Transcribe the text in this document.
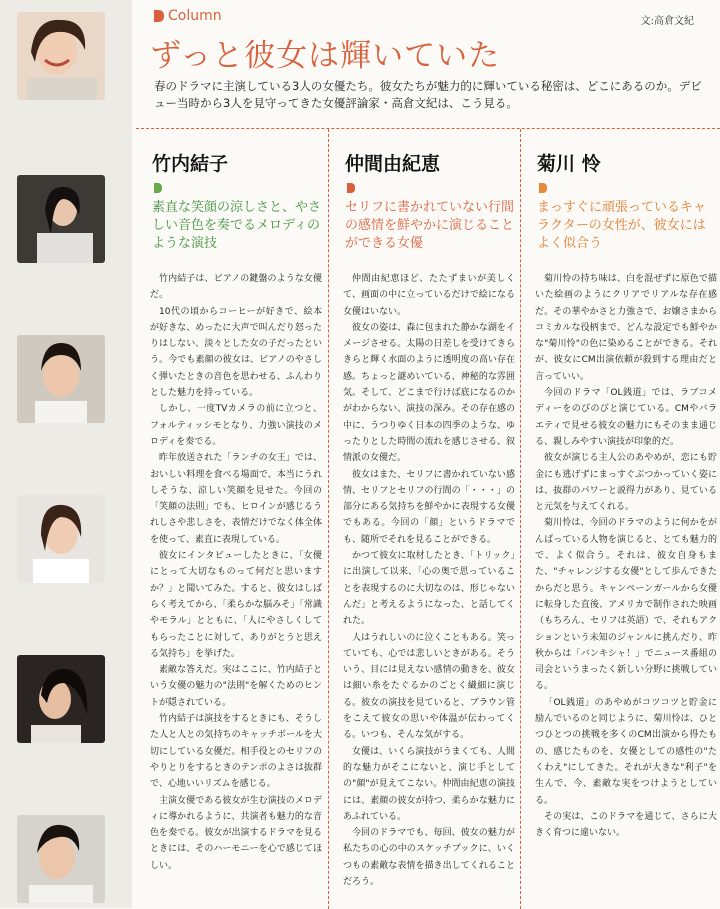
Column	文:高倉文紀
ずっと彼女は輝いていた
春のドラマに主演している3人の女優たち。彼女たちが魅力的に輝いている秘密は、どこにあるのか。デビュー当時から3人を見守ってきた女優評論家・高倉文紀は、こう見る。
竹内結子
素直な笑顔の涼しさと、やさしい音色を奏でるメロディのような演技

竹内結子は、ピアノの鍵盤のような女優だ。

10代の頃からコーヒーが好きで、絵本が好きな、めったに大声で叫んだり怒ったりはしない、淡々とした女の子だったという。今でも素顔の彼女は、ピアノのやさしく弾いたときの音色を思わせる、ふんわりとした魅力を持っている。

しかし、一度TVカメラの前に立つと、フォルティッシモとなり、力強い演技のメロディを奏でる。

昨年放送された「ランチの女王」では、おいしい料理を食べる場面で、本当にうれしそうな、涼しい笑顔を見せた。今回の「笑顔の法則」でも、ヒロインが感じるうれしさや悲しさを、表情だけでなく体全体を使って、素直に表現している。

彼女にインタビューしたときに、「女優にとって大切なものって何だと思いますか？」と聞いてみた。すると、彼女はしばらく考えてから、「柔らかな脳みそ」「常識やモラル」とともに、「人にやさしくしてもらったことに対して、ありがとうと思える気持ち」を挙げた。

素敵な答えだ。実はここに、竹内結子という女優の魅力の"法則"を解くためのヒントが隠されている。

竹内結子は演技をするときにも、そうした人と人との気持ちのキャッチボールを大切にしている女優だ。相手役とのセリフのやりとりをするときのテンポのよさは抜群で、心地いいリズムを感じる。

主演女優である彼女が生む演技のメロディに導かれるように、共演者も魅力的な音色を奏でる。彼女が出演するドラマを見るときには、そのハーモニーを心で感じてほしい。

仲間由紀恵
セリフに書かれていない行間の感情を鮮やかに演じることができる女優

仲間由紀恵ほど、たたずまいが美しくて、画面の中に立っているだけで絵になる女優はいない。

彼女の姿は、森に包まれた静かな湖をイメージさせる。太陽の日差しを受けてきらきらと輝く水面のように透明度の高い存在感。ちょっと謎めいている、神秘的な雰囲気。そして、どこまで行けば底になるのかがわからない、演技の深み。その存在感の中に、うつりゆく日本の四季のような、ゆったりとした時間の流れを感じさせる、叙情派の女優だ。

彼女はまた、セリフに書かれていない感情、セリフとセリフの行間の「・・・」の部分にある気持ちを鮮やかに表現する女優でもある。今回の「顔」というドラマでも、随所でそれを見ることができる。

かつて彼女に取材したとき、「トリック」に出演して以来、「心の奥で思っていることを表現するのに大切なのは、形じゃないんだ」と考えるようになった、と話してくれた。

人はうれしいのに泣くこともある。笑っていても、心では悲しいときがある。そういう、目には見えない感情の動きを、彼女は細い糸をたぐるかのごとく繊細に演じる。彼女の演技を見ていると、ブラウン管をこえて彼女の思いや体温が伝わってくる。いつも、そんな気がする。

女優は、いくら演技がうまくても、人間的な魅力がそこにないと、演じ手としての"顔"が見えてこない。仲間由紀恵の演技には、素顔の彼女が持つ、柔らかな魅力にあふれている。

今回のドラマでも、毎回、彼女の魅力が私たちの心の中のスケッチブックに、いくつもの素敵な表情を描き出してくれることだろう。

菊川 怜
まっすぐに頑張っているキャラクターの女性が、彼女にはよく似合う

菊川怜の持ち味は、白を混ぜずに原色で描いた絵画のようにクリアでリアルな存在感だ。その華やかさと力強さで、お嬢さまからコミカルな役柄まで、どんな設定でも鮮やかな"菊川怜"の色に染めることができる。それが、彼女にCM出演依頼が殺到する理由だと言っていい。

今回のドラマ「OL銭道」では、ラブコメディーをのびのびと演じている。CMやバラエティで見せる彼女の魅力にもそのまま通じる、親しみやすい演技が印象的だ。

彼女が演じる主人公のあやめが、恋にも貯金にも逃げずにまっすぐぶつかっていく姿には、抜群のパワーと説得力があり、見ていると元気を与えてくれる。

菊川怜は、今回のドラマのように何かをがんばっている人物を演じると、とても魅力的で、よく似合う。それは、彼女自身もまた、"チャレンジする女優"として歩んできたからだと思う。キャンペーンガールから女優に転身した直後、アメリカで制作された映画（もちろん、セリフは英語）で、それもアクションという未知のジャンルに挑んだり、昨秋からは「バンキシャ！」でニュース番組の司会というまったく新しい分野に挑戦している。

「OL銭道」のあやめがコツコツと貯金に励んでいるのと同じように、菊川怜は、ひとつひとつの挑戦を多くのCM出演から得たもの、感じたものを、女優としての感性の"たくわえ"にしてきた。それが大きな"利子"を生んで、今、素敵な実をつけようとしている。

その実は、このドラマを通じて、さらに大きく育つに違いない。
